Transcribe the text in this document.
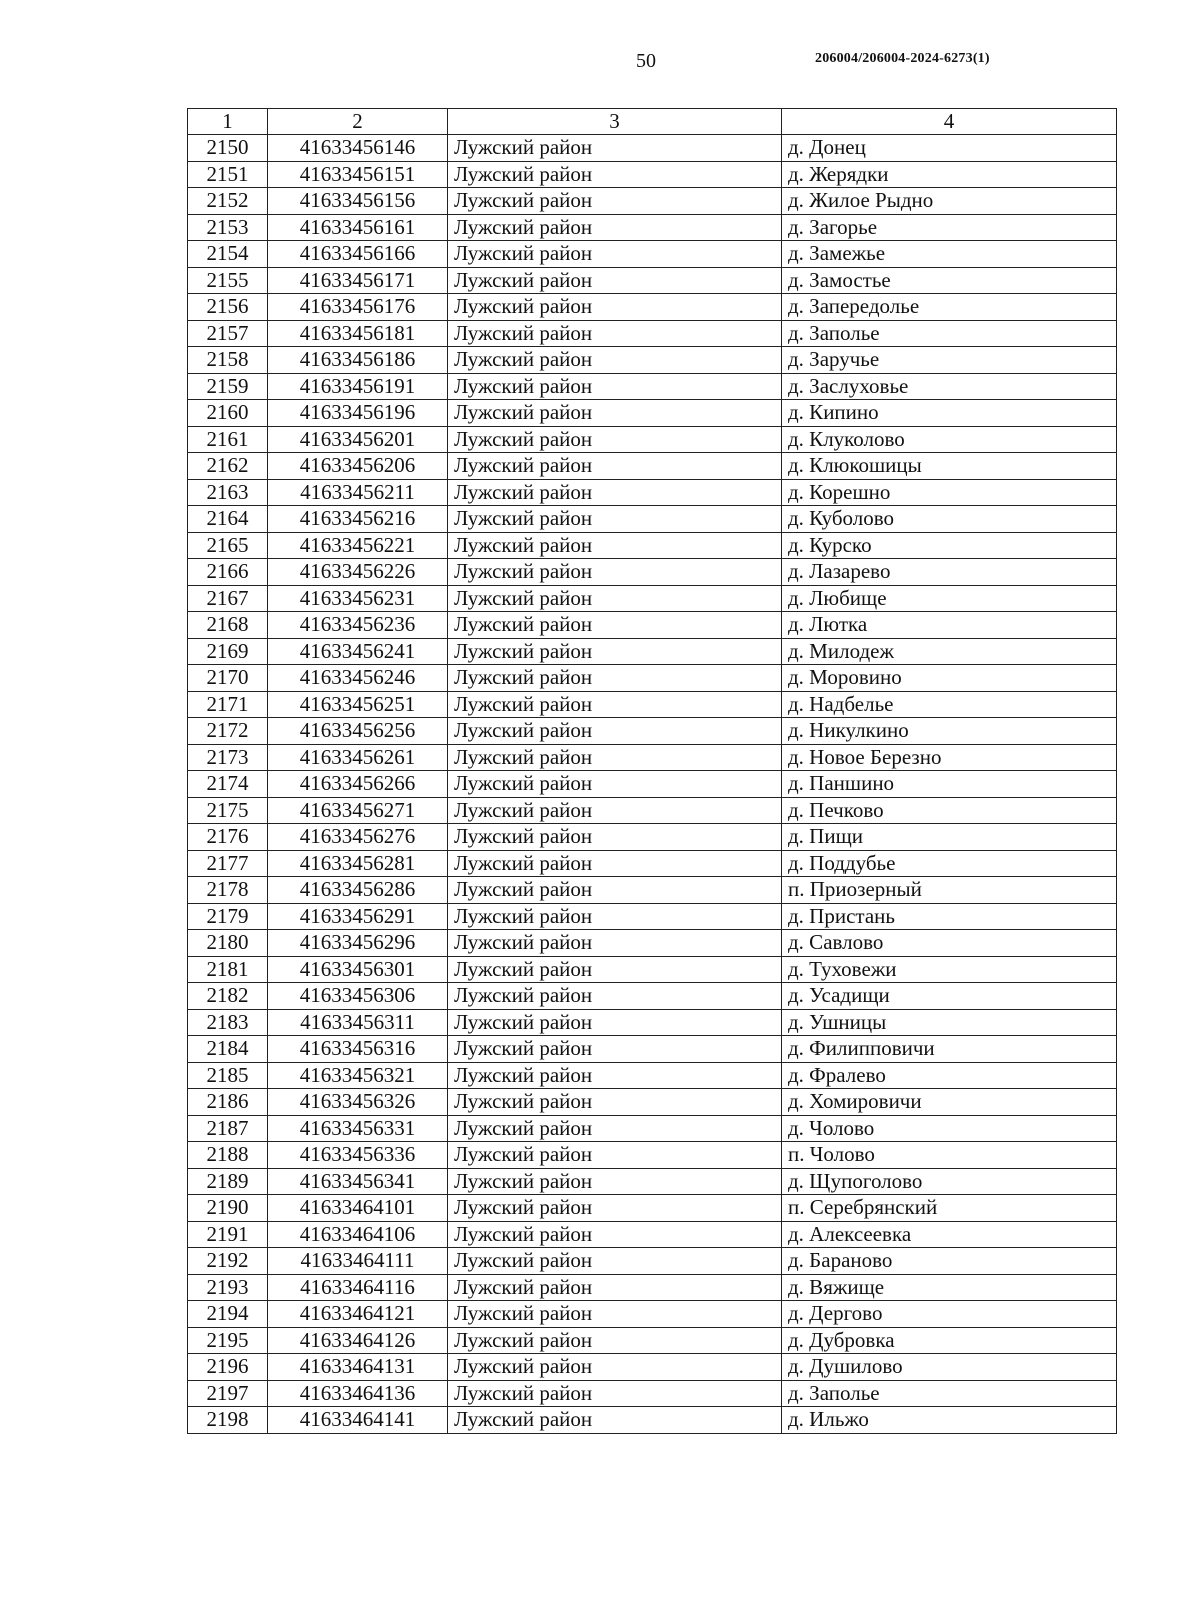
50	206004/206004-2024-6273(1)
1	2	3	4
2150	41633456146	Лужский район	д. Донец
2151	41633456151	Лужский район	д. Жерядки
2152	41633456156	Лужский район	д. Жилое Рыдно
2153	41633456161	Лужский район	д. Загорье
2154	41633456166	Лужский район	д. Замежье
2155	41633456171	Лужский район	д. Замостье
2156	41633456176	Лужский район	д. Запередолье
2157	41633456181	Лужский район	д. Заполье
2158	41633456186	Лужский район	д. Заручье
2159	41633456191	Лужский район	д. Заслуховье
2160	41633456196	Лужский район	д. Кипино
2161	41633456201	Лужский район	д. Клуколово
2162	41633456206	Лужский район	д. Клюкошицы
2163	41633456211	Лужский район	д. Корешно
2164	41633456216	Лужский район	д. Куболово
2165	41633456221	Лужский район	д. Курско
2166	41633456226	Лужский район	д. Лазарево
2167	41633456231	Лужский район	д. Любище
2168	41633456236	Лужский район	д. Лютка
2169	41633456241	Лужский район	д. Милодеж
2170	41633456246	Лужский район	д. Моровино
2171	41633456251	Лужский район	д. Надбелье
2172	41633456256	Лужский район	д. Никулкино
2173	41633456261	Лужский район	д. Новое Березно
2174	41633456266	Лужский район	д. Паншино
2175	41633456271	Лужский район	д. Печково
2176	41633456276	Лужский район	д. Пищи
2177	41633456281	Лужский район	д. Поддубье
2178	41633456286	Лужский район	п. Приозерный
2179	41633456291	Лужский район	д. Пристань
2180	41633456296	Лужский район	д. Савлово
2181	41633456301	Лужский район	д. Туховежи
2182	41633456306	Лужский район	д. Усадищи
2183	41633456311	Лужский район	д. Ушницы
2184	41633456316	Лужский район	д. Филипповичи
2185	41633456321	Лужский район	д. Фралево
2186	41633456326	Лужский район	д. Хомировичи
2187	41633456331	Лужский район	д. Чолово
2188	41633456336	Лужский район	п. Чолово
2189	41633456341	Лужский район	д. Щупоголово
2190	41633464101	Лужский район	п. Серебрянский
2191	41633464106	Лужский район	д. Алексеевка
2192	41633464111	Лужский район	д. Бараново
2193	41633464116	Лужский район	д. Вяжище
2194	41633464121	Лужский район	д. Дергово
2195	41633464126	Лужский район	д. Дубровка
2196	41633464131	Лужский район	д. Душилово
2197	41633464136	Лужский район	д. Заполье
2198	41633464141	Лужский район	д. Ильжо
